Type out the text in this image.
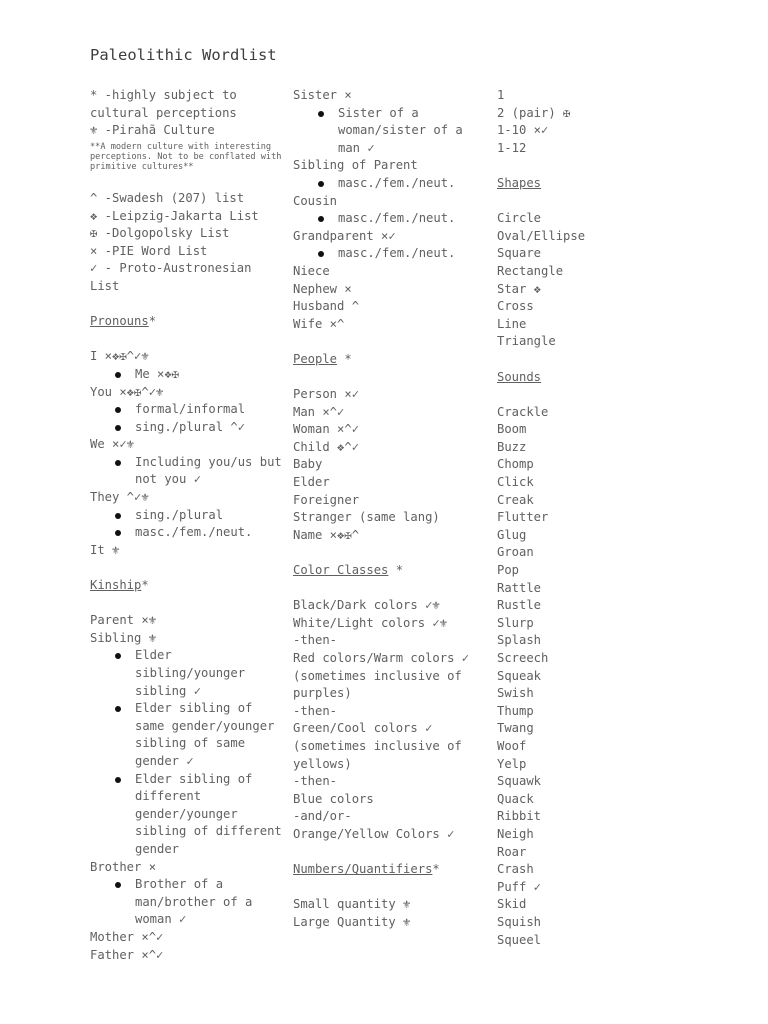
Paleolithic Wordlist
* -highly subject to cultural perceptions
⚜ -Pirahã Culture
**A modern culture with interesting perceptions. Not to be conflated with primitive cultures**
^ -Swadesh (207) list
❖ -Leipzig-Jakarta List
✠ -Dolgopolsky List
× -PIE Word List
✓ - Proto-Austronesian List
Pronouns*
I ×❖✠^✓⚜
Me ×❖✠
You ×❖✠^✓⚜
formal/informal
sing./plural ^✓
We ×✓⚜
Including you/us but not you ✓
They ^✓⚜
sing./plural
masc./fem./neut.
It ⚜
Kinship*
Parent ×⚜
Sibling ⚜
Elder sibling/younger sibling ✓
Elder sibling of same gender/younger sibling of same gender ✓
Elder sibling of different gender/younger sibling of different gender
Brother ×
Brother of a man/brother of a woman ✓
Mother ×^✓
Father ×^✓
Sister ×
Sister of a woman/sister of a man ✓
Sibling of Parent
masc./fem./neut.
Cousin
masc./fem./neut.
Grandparent ×✓
masc./fem./neut.
Niece
Nephew ×
Husband ^
Wife ×^
People *
Person ×✓
Man ×^✓
Woman ×^✓
Child ❖^✓
Baby
Elder
Foreigner
Stranger (same lang)
Name ×❖✠^
Color Classes *
Black/Dark colors ✓⚜
White/Light colors ✓⚜
-then-
Red colors/Warm colors ✓ (sometimes inclusive of purples)
-then-
Green/Cool colors ✓ (sometimes inclusive of yellows)
-then-
Blue colors
-and/or-
Orange/Yellow Colors ✓
Numbers/Quantifiers*
Small quantity ⚜
Large Quantity ⚜
1
2 (pair) ✠
1-10 ×✓
1-12
Shapes
Circle
Oval/Ellipse
Square
Rectangle
Star ❖
Cross
Line
Triangle
Sounds
Crackle
Boom
Buzz
Chomp
Click
Creak
Flutter
Glug
Groan
Pop
Rattle
Rustle
Slurp
Splash
Screech
Squeak
Swish
Thump
Twang
Woof
Yelp
Squawk
Quack
Ribbit
Neigh
Roar
Crash
Puff ✓
Skid
Squish
Squeel
